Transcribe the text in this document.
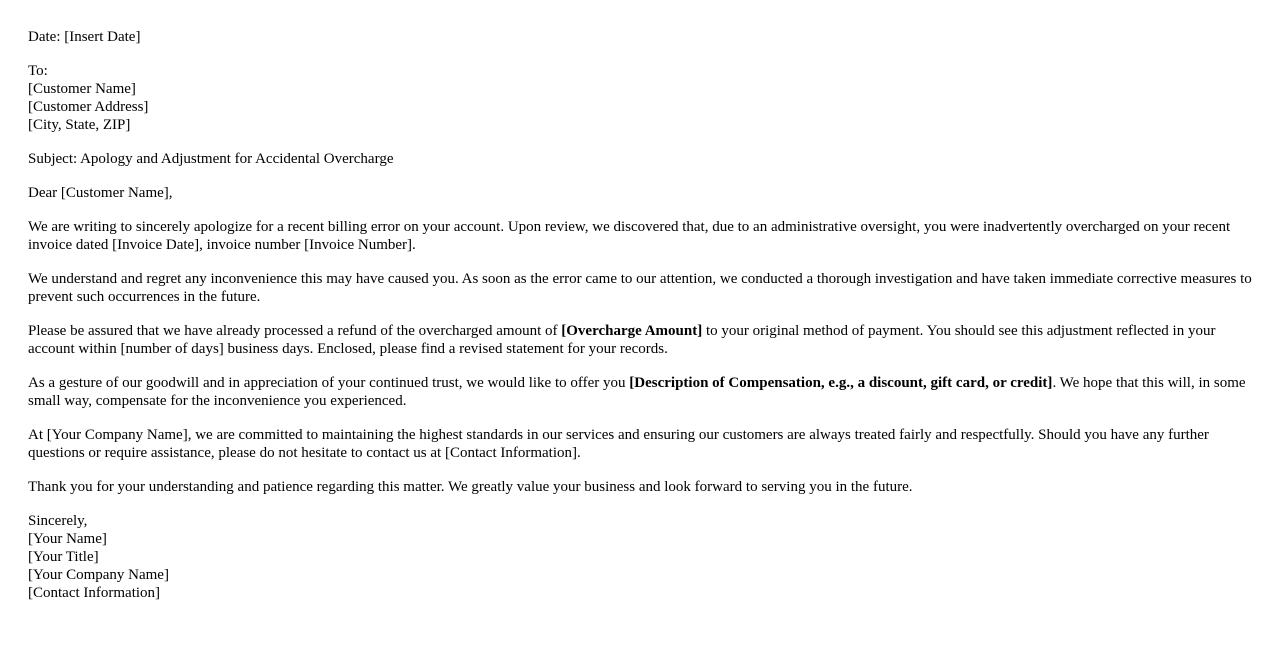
Date: [Insert Date]

To:
[Customer Name]
[Customer Address]
[City, State, ZIP]

Subject: Apology and Adjustment for Accidental Overcharge

Dear [Customer Name],

We are writing to sincerely apologize for a recent billing error on your account. Upon review, we discovered that, due to an administrative oversight, you were inadvertently overcharged on your recent invoice dated [Invoice Date], invoice number [Invoice Number].

We understand and regret any inconvenience this may have caused you. As soon as the error came to our attention, we conducted a thorough investigation and have taken immediate corrective measures to prevent such occurrences in the future.

Please be assured that we have already processed a refund of the overcharged amount of [Overcharge Amount] to your original method of payment. You should see this adjustment reflected in your account within [number of days] business days. Enclosed, please find a revised statement for your records.

As a gesture of our goodwill and in appreciation of your continued trust, we would like to offer you [Description of Compensation, e.g., a discount, gift card, or credit]. We hope that this will, in some small way, compensate for the inconvenience you experienced.

At [Your Company Name], we are committed to maintaining the highest standards in our services and ensuring our customers are always treated fairly and respectfully. Should you have any further questions or require assistance, please do not hesitate to contact us at [Contact Information].

Thank you for your understanding and patience regarding this matter. We greatly value your business and look forward to serving you in the future.

Sincerely,
[Your Name]
[Your Title]
[Your Company Name]
[Contact Information]
